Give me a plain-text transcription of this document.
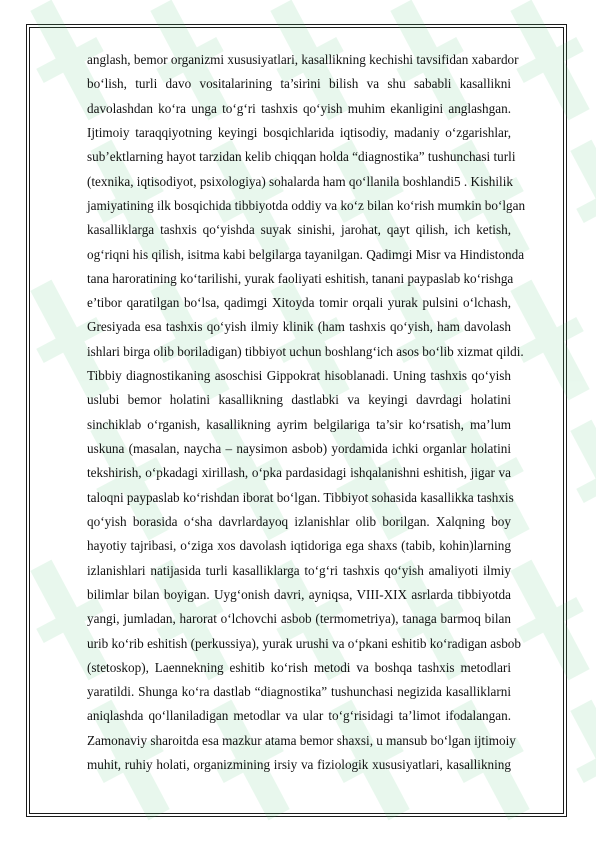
anglash, bemor organizmi xususiyatlari, kasallikning kechishi tavsifidan xabardor
bo‘lish, turli davo vositalarining ta’sirini bilish va shu sababli kasallikni
davolashdan ko‘ra unga to‘g‘ri tashxis qo‘yish muhim ekanligini anglashgan.
Ijtimoiy taraqqiyotning keyingi bosqichlarida iqtisodiy, madaniy o‘zgarishlar,
sub’ektlarning hayot tarzidan kelib chiqqan holda “diagnostika” tushunchasi turli
(texnika, iqtisodiyot, psixologiya) sohalarda ham qo‘llanila boshlandi5 . Kishilik
jamiyatining ilk bosqichida tibbiyotda oddiy va ko‘z bilan ko‘rish mumkin bo‘lgan
kasalliklarga tashxis qo‘yishda suyak sinishi, jarohat, qayt qilish, ich ketish,
og‘riqni his qilish, isitma kabi belgilarga tayanilgan. Qadimgi Misr va Hindistonda
tana haroratining ko‘tarilishi, yurak faoliyati eshitish, tanani paypaslab ko‘rishga
e’tibor qaratilgan bo‘lsa, qadimgi Xitoyda tomir orqali yurak pulsini o‘lchash,
Gresiyada esa tashxis qo‘yish ilmiy klinik (ham tashxis qo‘yish, ham davolash
ishlari birga olib boriladigan) tibbiyot uchun boshlang‘ich asos bo‘lib xizmat qildi.
Tibbiy diagnostikaning asoschisi Gippokrat hisoblanadi. Uning tashxis qo‘yish
uslubi bemor holatini kasallikning dastlabki va keyingi davrdagi holatini
sinchiklab o‘rganish, kasallikning ayrim belgilariga ta’sir ko‘rsatish, ma’lum
uskuna (masalan, naycha – naysimon asbob) yordamida ichki organlar holatini
tekshirish, o‘pkadagi xirillash, o‘pka pardasidagi ishqalanishni eshitish, jigar va
taloqni paypaslab ko‘rishdan iborat bo‘lgan. Tibbiyot sohasida kasallikka tashxis
qo‘yish borasida o‘sha davrlardayoq izlanishlar olib borilgan. Xalqning boy
hayotiy tajribasi, o‘ziga xos davolash iqtidoriga ega shaxs (tabib, kohin)larning
izlanishlari natijasida turli kasalliklarga to‘g‘ri tashxis qo‘yish amaliyoti ilmiy
bilimlar bilan boyigan. Uyg‘onish davri, ayniqsa, VIII-XIX asrlarda tibbiyotda
yangi, jumladan, harorat o‘lchovchi asbob (termometriya), tanaga barmoq bilan
urib ko‘rib eshitish (perkussiya), yurak urushi va o‘pkani eshitib ko‘radigan asbob
(stetoskop), Laennekning eshitib ko‘rish metodi va boshqa tashxis metodlari
yaratildi. Shunga ko‘ra dastlab “diagnostika” tushunchasi negizida kasalliklarni
aniqlashda qo‘llaniladigan metodlar va ular to‘g‘risidagi ta’limot ifodalangan.
Zamonaviy sharoitda esa mazkur atama bemor shaxsi, u mansub bo‘lgan ijtimoiy
muhit, ruhiy holati, organizmining irsiy va fiziologik xususiyatlari, kasallikning
